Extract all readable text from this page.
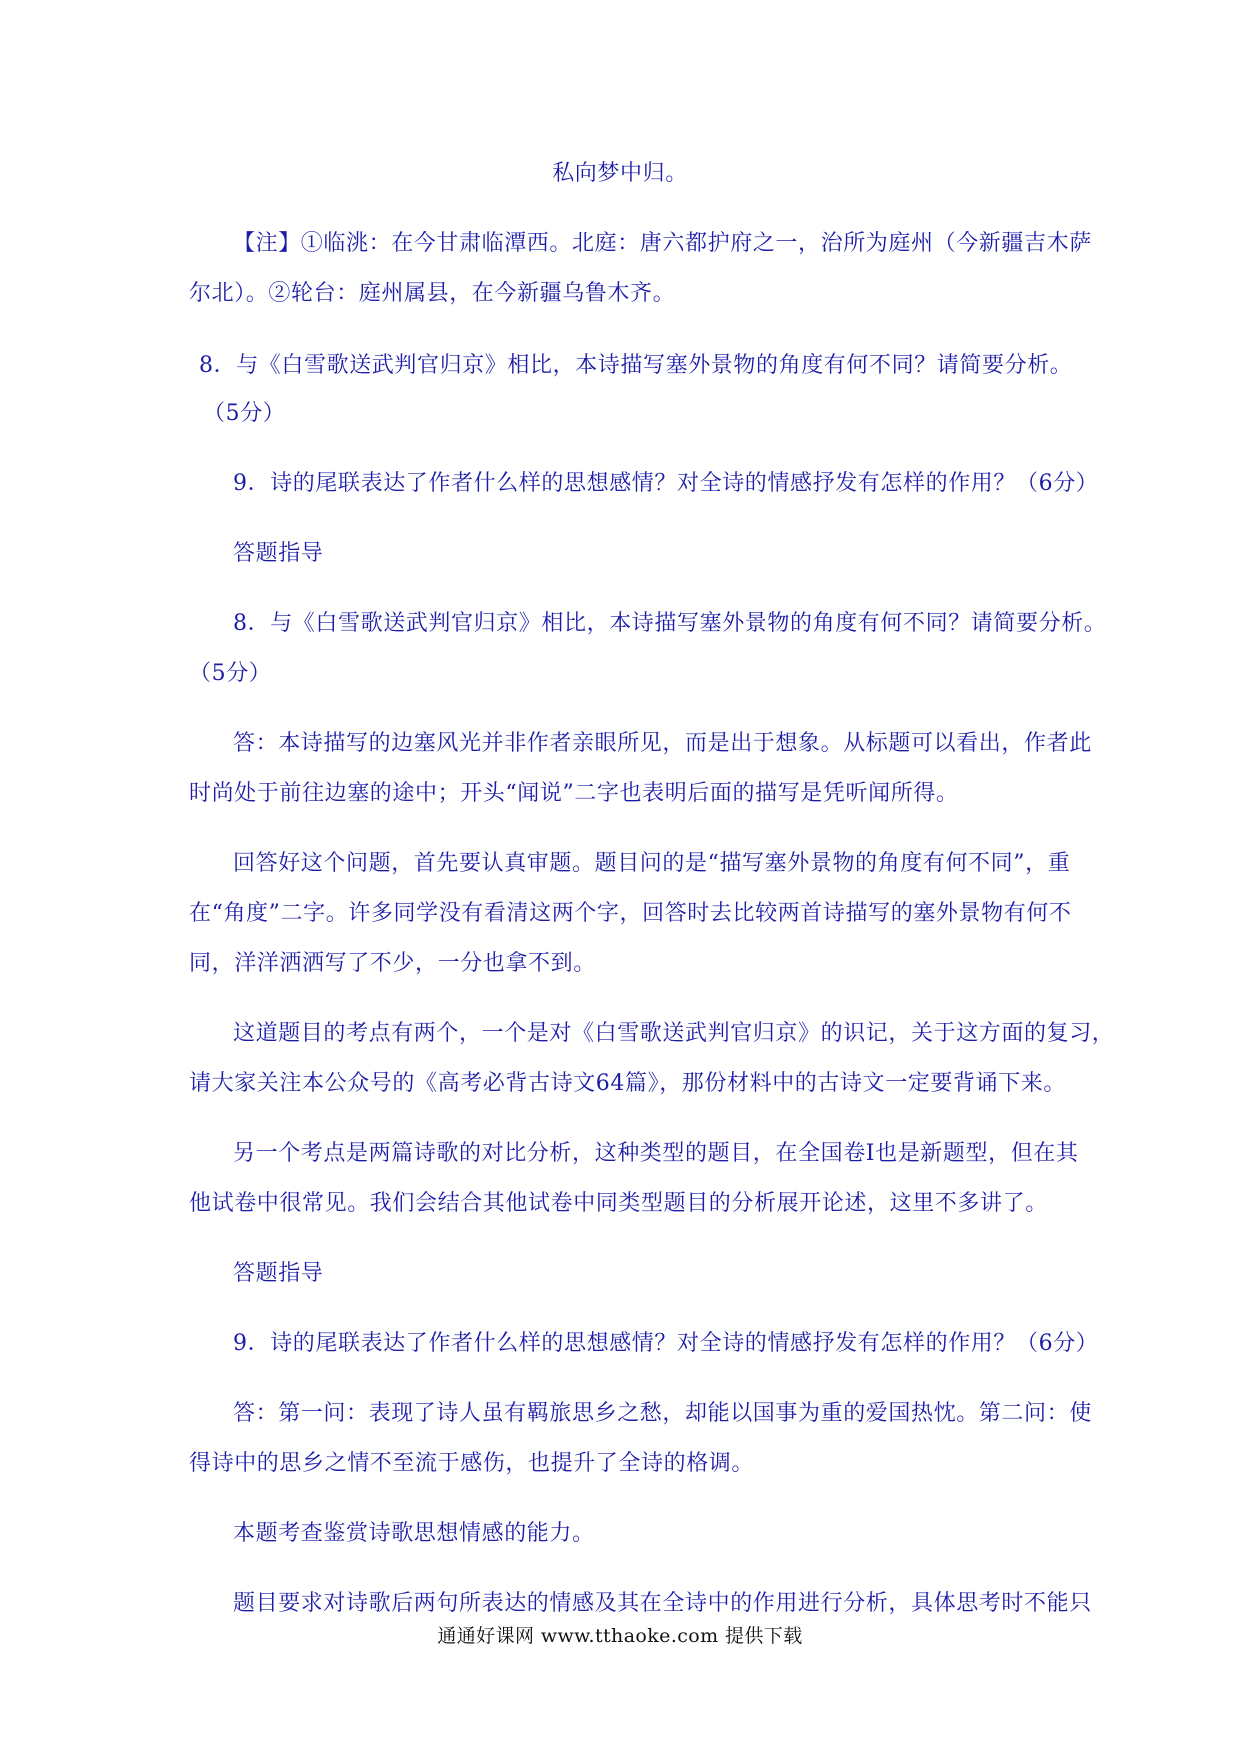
私向梦中归。
【注】①临洮：在今甘肃临潭西。北庭：唐六都护府之一，治所为庭州（今新疆吉木萨
尔北）。②轮台：庭州属县，在今新疆乌鲁木齐。
8．与《白雪歌送武判官归京》相比，本诗描写塞外景物的角度有何不同？请简要分析。
（5分）
9．诗的尾联表达了作者什么样的思想感情？对全诗的情感抒发有怎样的作用？（6分）
答题指导
8．与《白雪歌送武判官归京》相比，本诗描写塞外景物的角度有何不同？请简要分析。
（5分）
答：本诗描写的边塞风光并非作者亲眼所见，而是出于想象。从标题可以看出，作者此
时尚处于前往边塞的途中；开头“闻说”二字也表明后面的描写是凭听闻所得。
回答好这个问题，首先要认真审题。题目问的是“描写塞外景物的角度有何不同”，重
在“角度”二字。许多同学没有看清这两个字，回答时去比较两首诗描写的塞外景物有何不
同，洋洋洒洒写了不少，一分也拿不到。
这道题目的考点有两个，一个是对《白雪歌送武判官归京》的识记，关于这方面的复习，
请大家关注本公众号的《高考必背古诗文64篇》，那份材料中的古诗文一定要背诵下来。
另一个考点是两篇诗歌的对比分析，这种类型的题目，在全国卷Ⅰ也是新题型，但在其
他试卷中很常见。我们会结合其他试卷中同类型题目的分析展开论述，这里不多讲了。
答题指导
9．诗的尾联表达了作者什么样的思想感情？对全诗的情感抒发有怎样的作用？（6分）
答：第一问：表现了诗人虽有羁旅思乡之愁，却能以国事为重的爱国热忱。第二问：使
得诗中的思乡之情不至流于感伤，也提升了全诗的格调。
本题考查鉴赏诗歌思想情感的能力。
题目要求对诗歌后两句所表达的情感及其在全诗中的作用进行分析，具体思考时不能只
通通好课网 www.tthaoke.com 提供下载
